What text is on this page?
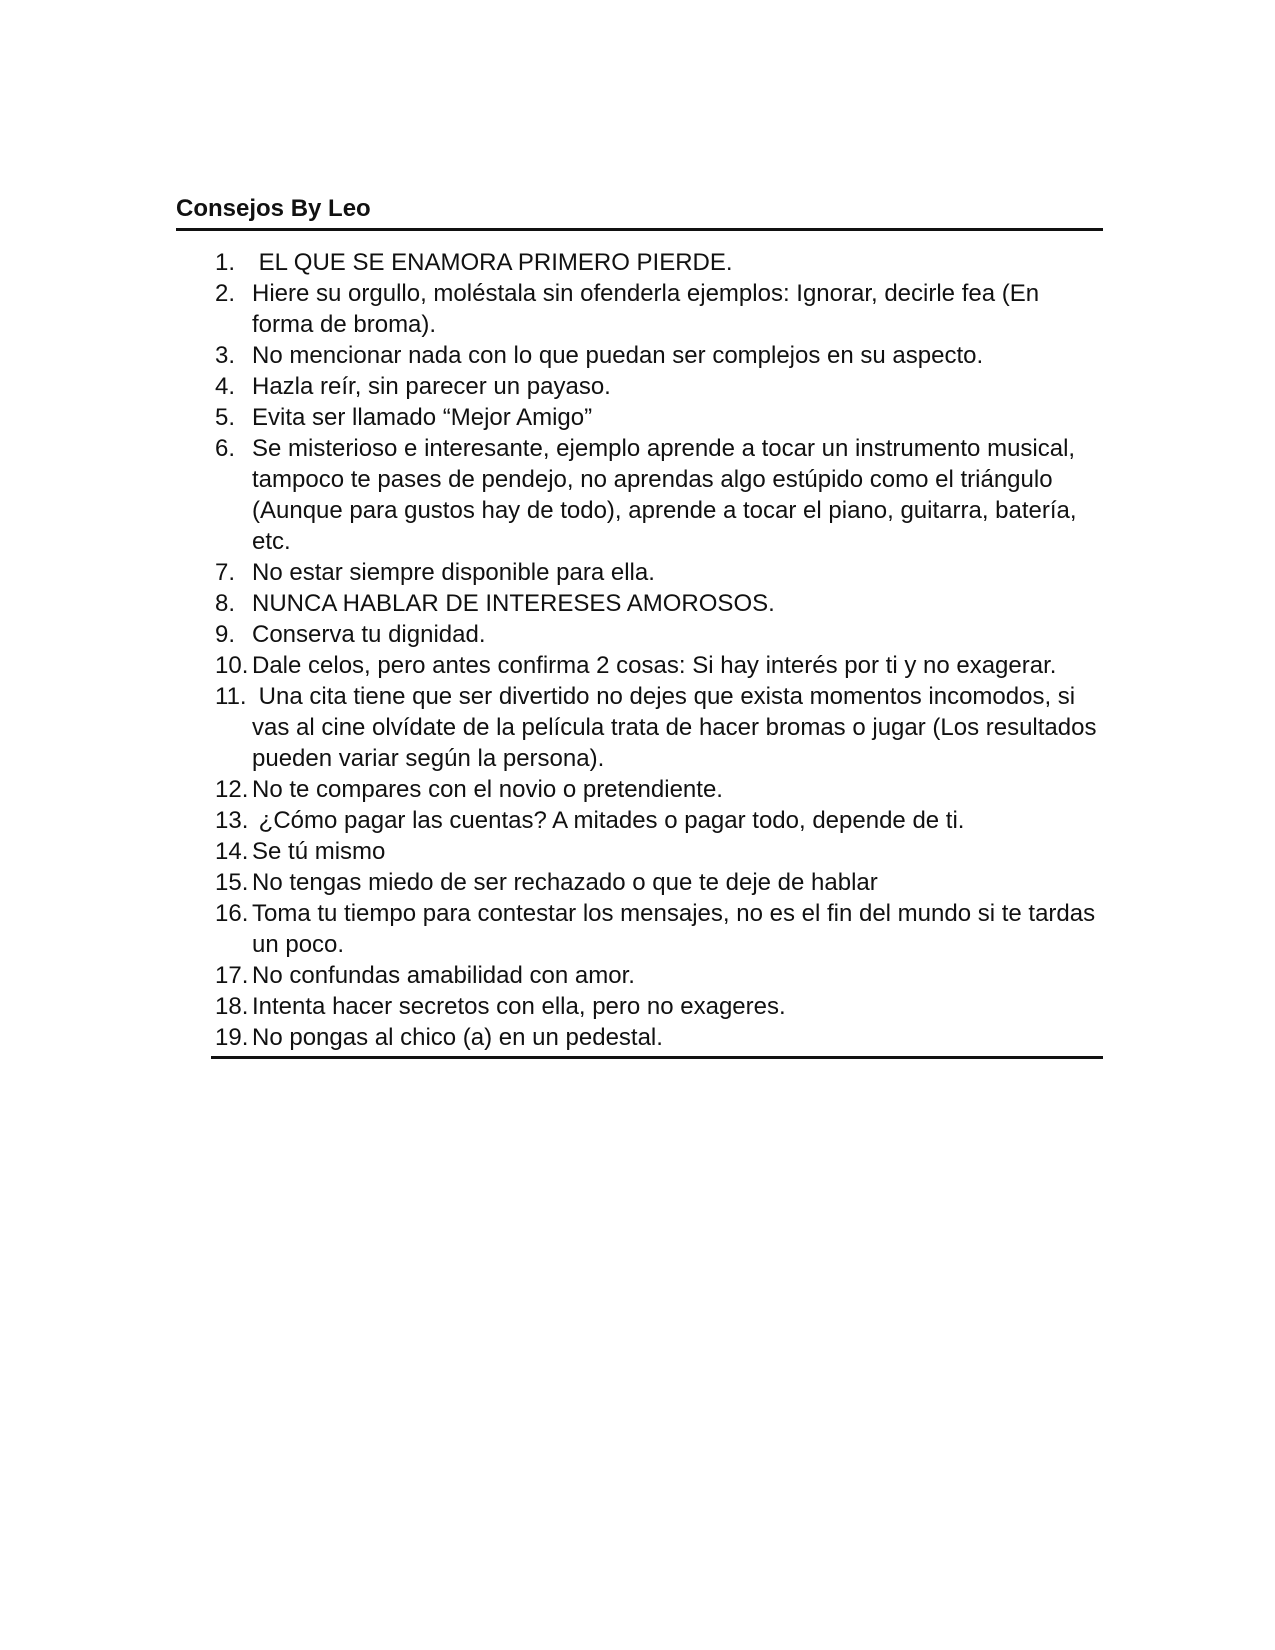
Consejos By Leo
1. EL QUE SE ENAMORA PRIMERO PIERDE.
2. Hiere su orgullo, moléstala sin ofenderla ejemplos: Ignorar, decirle fea (En forma de broma).
3. No mencionar nada con lo que puedan ser complejos en su aspecto.
4. Hazla reír, sin parecer un payaso.
5. Evita ser llamado “Mejor Amigo”
6. Se misterioso e interesante, ejemplo aprende a tocar un instrumento musical, tampoco te pases de pendejo, no aprendas algo estúpido como el triángulo (Aunque para gustos hay de todo), aprende a tocar el piano, guitarra, batería, etc.
7. No estar siempre disponible para ella.
8. NUNCA HABLAR DE INTERESES AMOROSOS.
9. Conserva tu dignidad.
10. Dale celos, pero antes confirma 2 cosas: Si hay interés por ti y no exagerar.
11. Una cita tiene que ser divertido no dejes que exista momentos incomodos, si vas al cine olvídate de la película trata de hacer bromas o jugar (Los resultados pueden variar según la persona).
12. No te compares con el novio o pretendiente.
13. ¿Cómo pagar las cuentas? A mitades o pagar todo, depende de ti.
14. Se tú mismo
15. No tengas miedo de ser rechazado o que te deje de hablar
16. Toma tu tiempo para contestar los mensajes, no es el fin del mundo si te tardas un poco.
17. No confundas amabilidad con amor.
18. Intenta hacer secretos con ella, pero no exageres.
19. No pongas al chico (a) en un pedestal.
